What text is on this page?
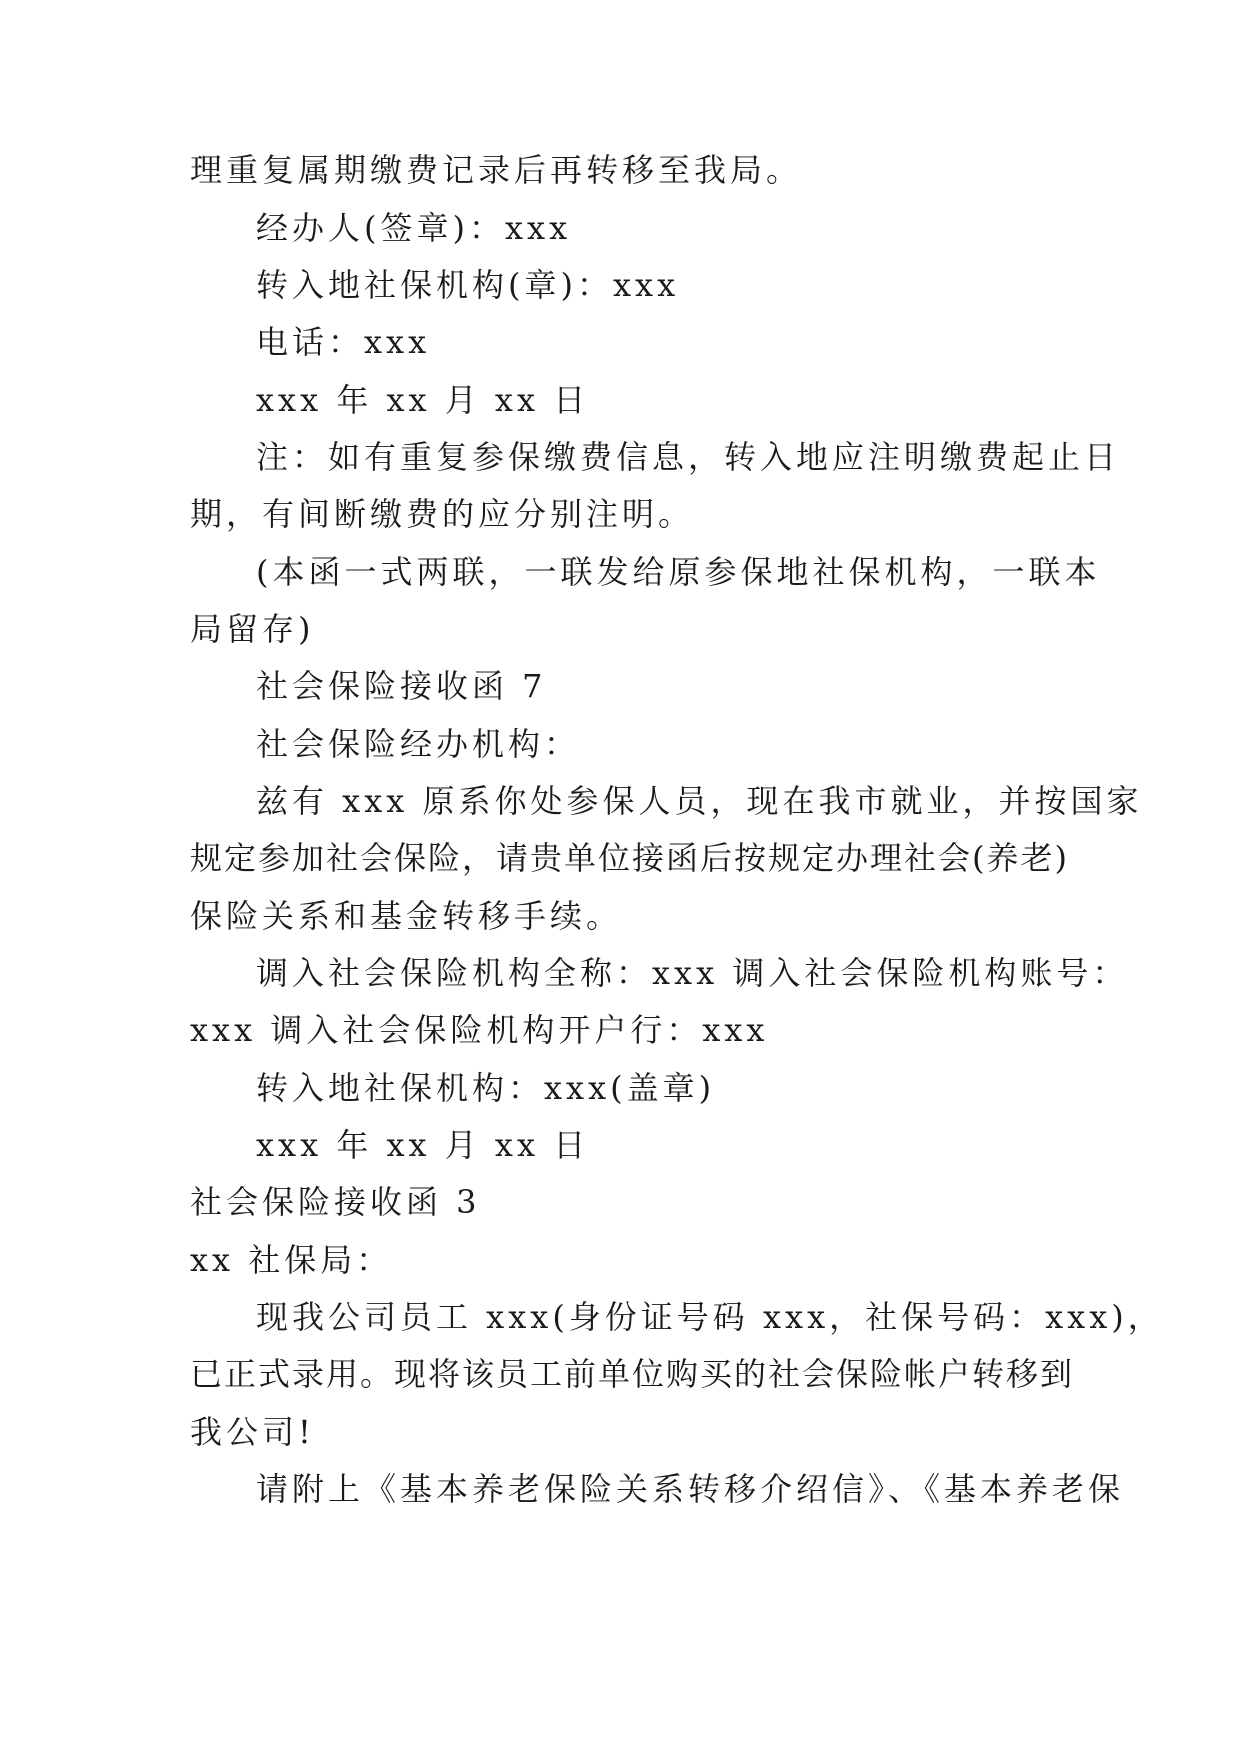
理重复属期缴费记录后再转移至我局。
经办人(签章)：xxx
转入地社保机构(章)：xxx
电话：xxx
xxx 年 xx 月 xx 日
注：如有重复参保缴费信息，转入地应注明缴费起止日
期，有间断缴费的应分别注明。
(本函一式两联，一联发给原参保地社保机构，一联本
局留存)
社会保险接收函 7
社会保险经办机构：
兹有 xxx 原系你处参保人员，现在我市就业，并按国家
规定参加社会保险，请贵单位接函后按规定办理社会(养老)
保险关系和基金转移手续。
调入社会保险机构全称：xxx 调入社会保险机构账号：
xxx 调入社会保险机构开户行：xxx
转入地社保机构：xxx(盖章)
xxx 年 xx 月 xx 日
社会保险接收函 3
xx 社保局：
现我公司员工 xxx(身份证号码 xxx，社保号码：xxx)，
已正式录用。现将该员工前单位购买的社会保险帐户转移到
我公司!
请附上《基本养老保险关系转移介绍信》、《基本养老保
